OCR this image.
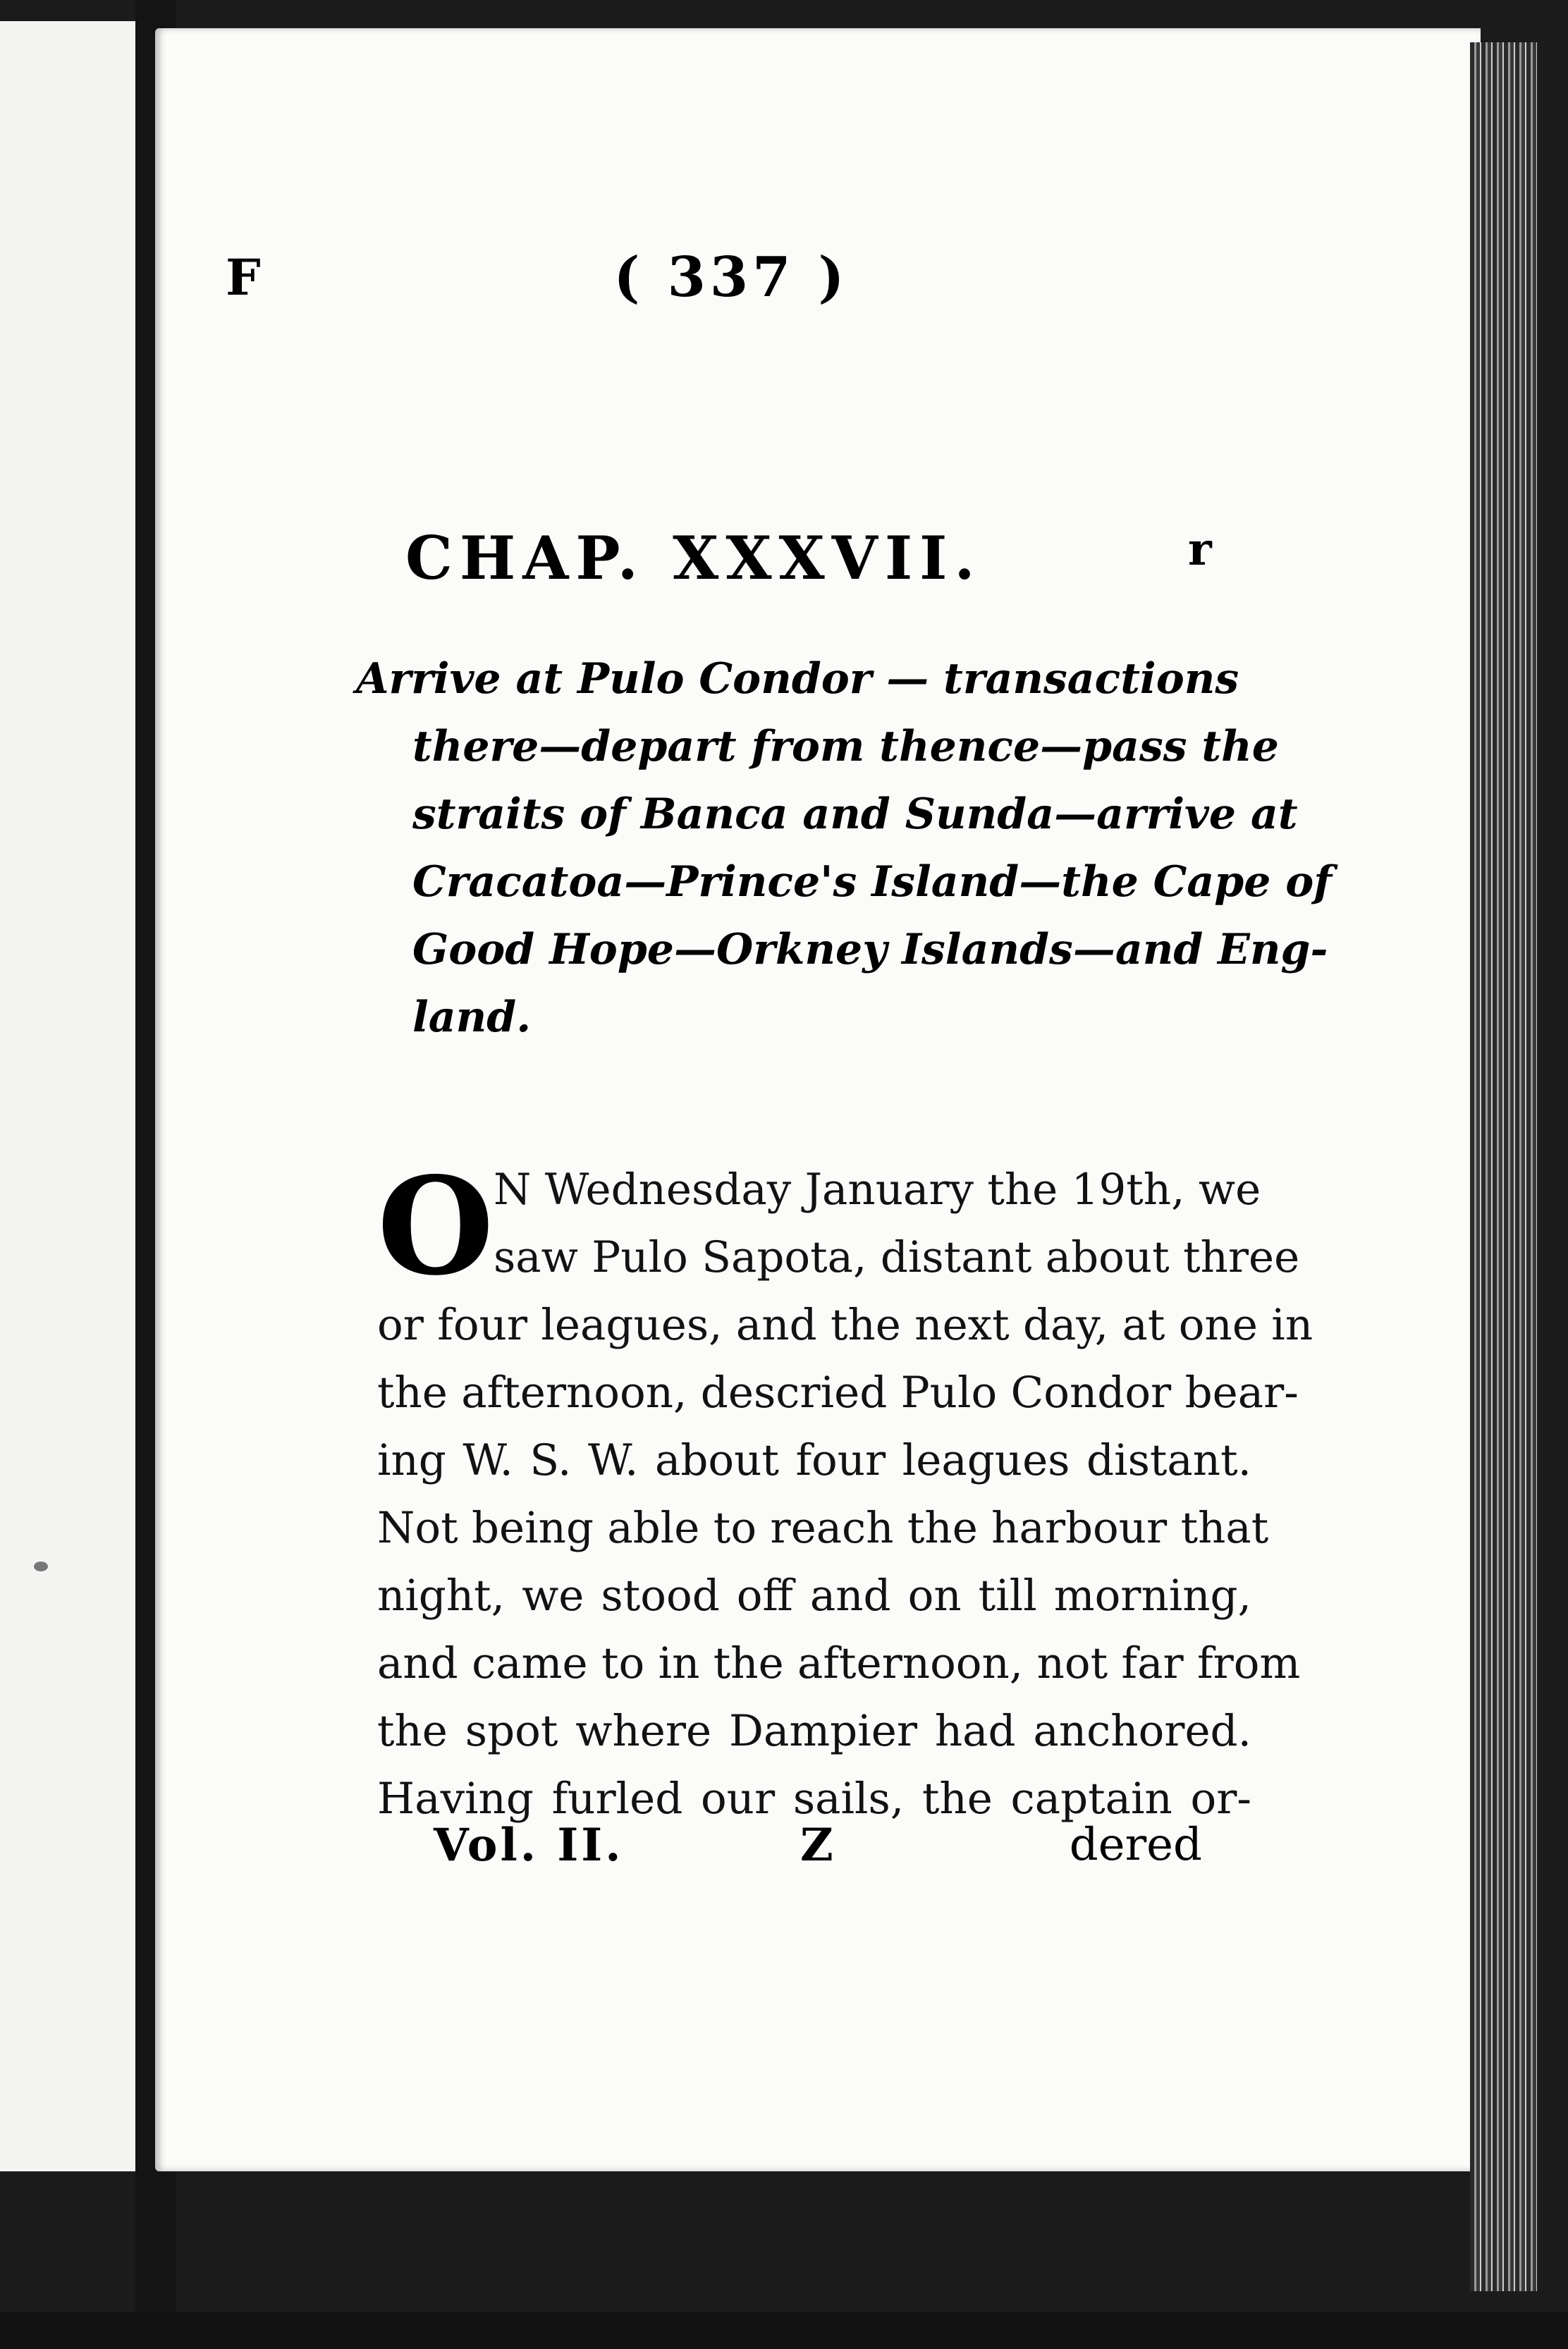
F	( 337 )
CHAP. XXXVII.	r
Arrive at Pulo Condor — transactions
there—depart from thence—pass the
straits of Banca and Sunda—arrive at
Cracatoa—Prince's Island—the Cape of
Good Hope—Orkney Islands—and Eng-
land.
O N Wednesday January the 19th, we
saw Pulo Sapota, distant about three
or four leagues, and the next day, at one in
the afternoon, descried Pulo Condor bear-
ing W. S. W. about four leagues distant.
Not being able to reach the harbour that
night, we stood off and on till morning,
and came to in the afternoon, not far from
the spot where Dampier had anchored.
Having furled our sails, the captain or-
Vol. II.	Z	dered
